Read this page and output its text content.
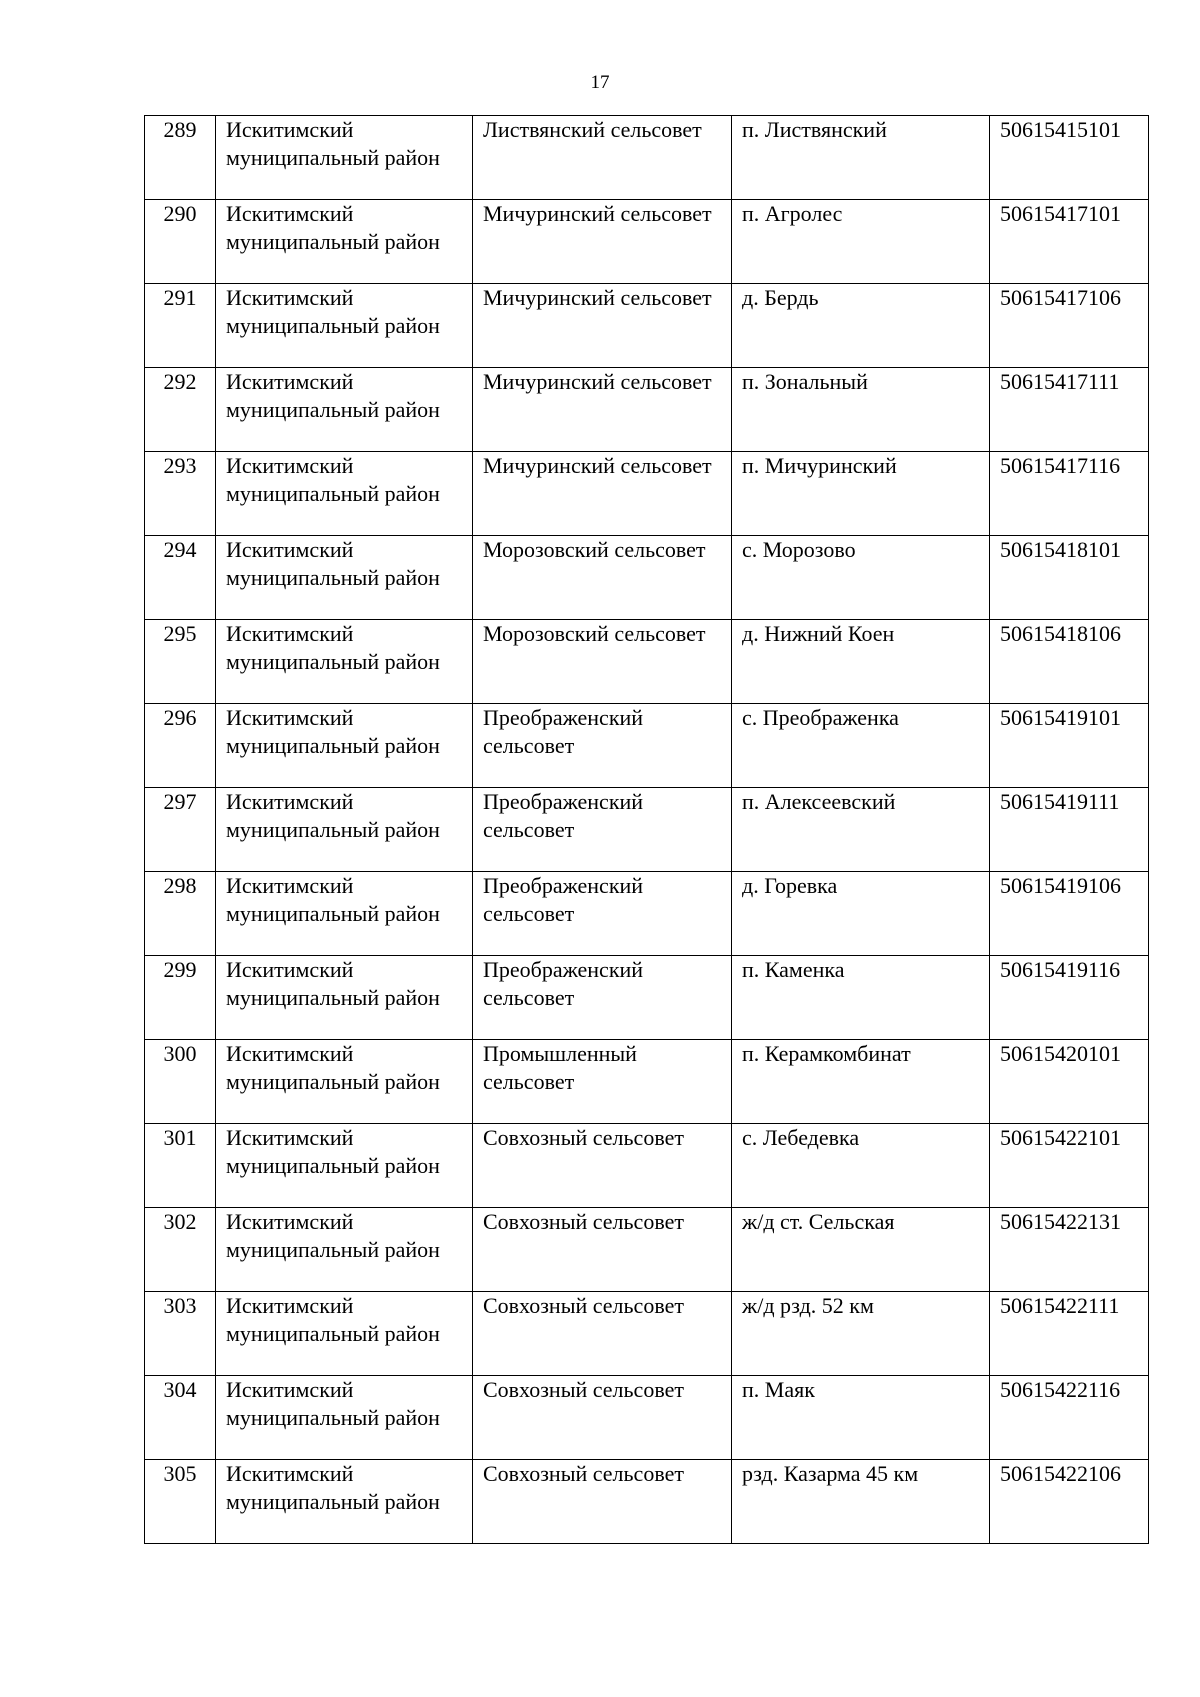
17
289	Искитимский муниципальный район	Листвянский сельсовет	п. Листвянский	50615415101
290	Искитимский муниципальный район	Мичуринский сельсовет	п. Агролес	50615417101
291	Искитимский муниципальный район	Мичуринский сельсовет	д. Бердь	50615417106
292	Искитимский муниципальный район	Мичуринский сельсовет	п. Зональный	50615417111
293	Искитимский муниципальный район	Мичуринский сельсовет	п. Мичуринский	50615417116
294	Искитимский муниципальный район	Морозовский сельсовет	с. Морозово	50615418101
295	Искитимский муниципальный район	Морозовский сельсовет	д. Нижний Коен	50615418106
296	Искитимский муниципальный район	Преображенский сельсовет	с. Преображенка	50615419101
297	Искитимский муниципальный район	Преображенский сельсовет	п. Алексеевский	50615419111
298	Искитимский муниципальный район	Преображенский сельсовет	д. Горевка	50615419106
299	Искитимский муниципальный район	Преображенский сельсовет	п. Каменка	50615419116
300	Искитимский муниципальный район	Промышленный сельсовет	п. Керамкомбинат	50615420101
301	Искитимский муниципальный район	Совхозный сельсовет	с. Лебедевка	50615422101
302	Искитимский муниципальный район	Совхозный сельсовет	ж/д ст. Сельская	50615422131
303	Искитимский муниципальный район	Совхозный сельсовет	ж/д рзд. 52 км	50615422111
304	Искитимский муниципальный район	Совхозный сельсовет	п. Маяк	50615422116
305	Искитимский муниципальный район	Совхозный сельсовет	рзд. Казарма 45 км	50615422106
